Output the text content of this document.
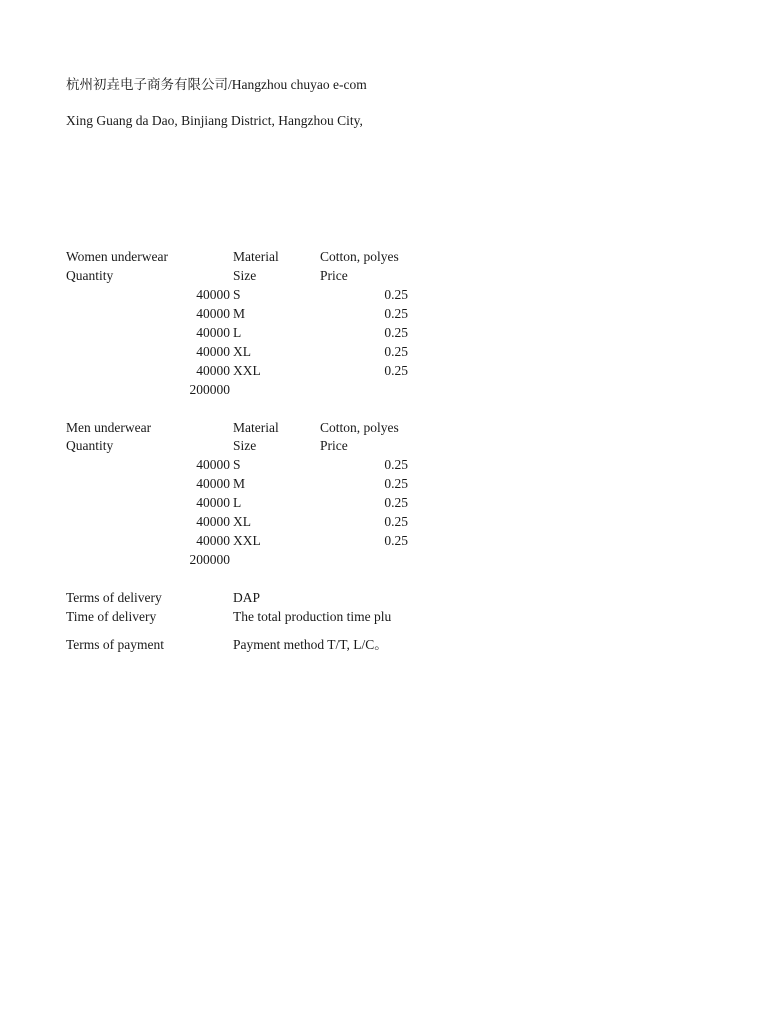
杭州初垚电子商务有限公司/Hangzhou chuyao e-com
Xing Guang da Dao, Binjiang District, Hangzhou City,
Women underwear	Material	Cotton, polyes
Quantity	Size	Price
40000 S	0.25
40000 M	0.25
40000 L	0.25
40000 XL	0.25
40000 XXL	0.25
200000
Men underwear	Material	Cotton, polyes
Quantity	Size	Price
40000 S	0.25
40000 M	0.25
40000 L	0.25
40000 XL	0.25
40000 XXL	0.25
200000
Terms of delivery	DAP
Time of delivery	The total production time plu
Terms of payment	Payment method T/T, L/C。
